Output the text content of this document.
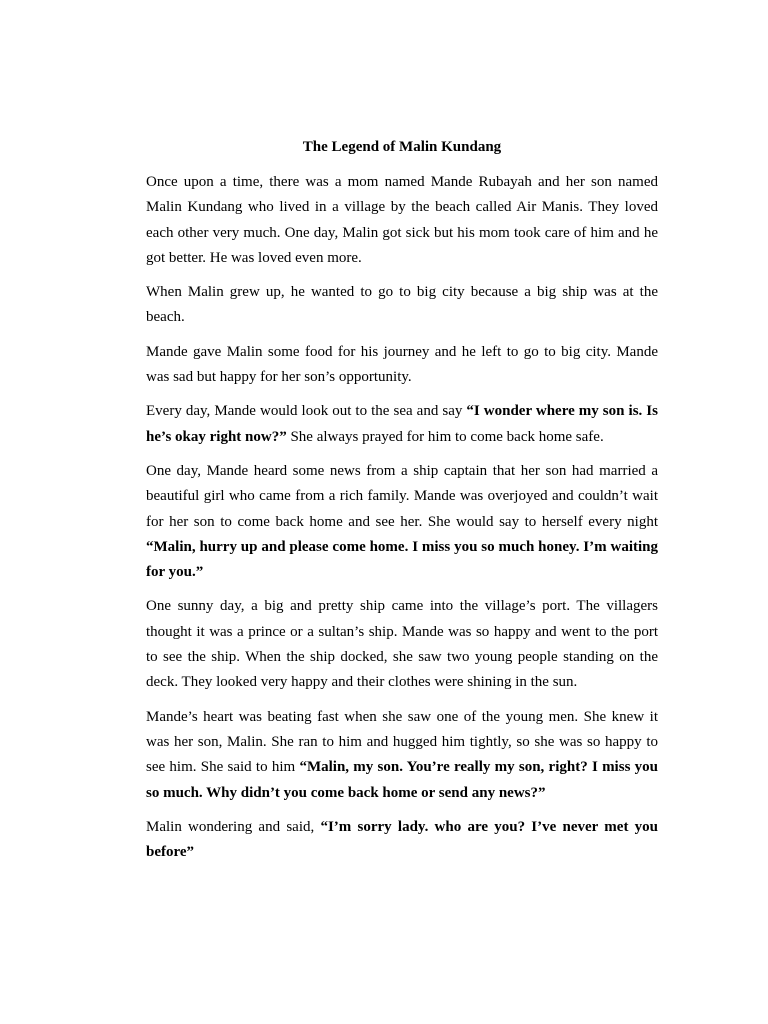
The Legend of Malin Kundang

Once upon a time, there was a mom named Mande Rubayah and her son named Malin Kundang who lived in a village by the beach called Air Manis. They loved each other very much. One day, Malin got sick but his mom took care of him and he got better. He was loved even more.

When Malin grew up, he wanted to go to big city because a big ship was at the beach.

Mande gave Malin some food for his journey and he left to go to big city. Mande was sad but happy for her son’s opportunity.

Every day, Mande would look out to the sea and say “I wonder where my son is. Is he’s okay right now?” She always prayed for him to come back home safe.

One day, Mande heard some news from a ship captain that her son had married a beautiful girl who came from a rich family. Mande was overjoyed and couldn’t wait for her son to come back home and see her. She would say to herself every night “Malin, hurry up and please come home. I miss you so much honey. I’m waiting for you.”

One sunny day, a big and pretty ship came into the village’s port. The villagers thought it was a prince or a sultan’s ship. Mande was so happy and went to the port to see the ship. When the ship docked, she saw two young people standing on the deck. They looked very happy and their clothes were shining in the sun.

Mande’s heart was beating fast when she saw one of the young men. She knew it was her son, Malin. She ran to him and hugged him tightly, so she was so happy to see him. She said to him “Malin, my son. You’re really my son, right? I miss you so much. Why didn’t you come back home or send any news?”

Malin wondering and said, “I’m sorry lady. who are you? I’ve never met you before”
